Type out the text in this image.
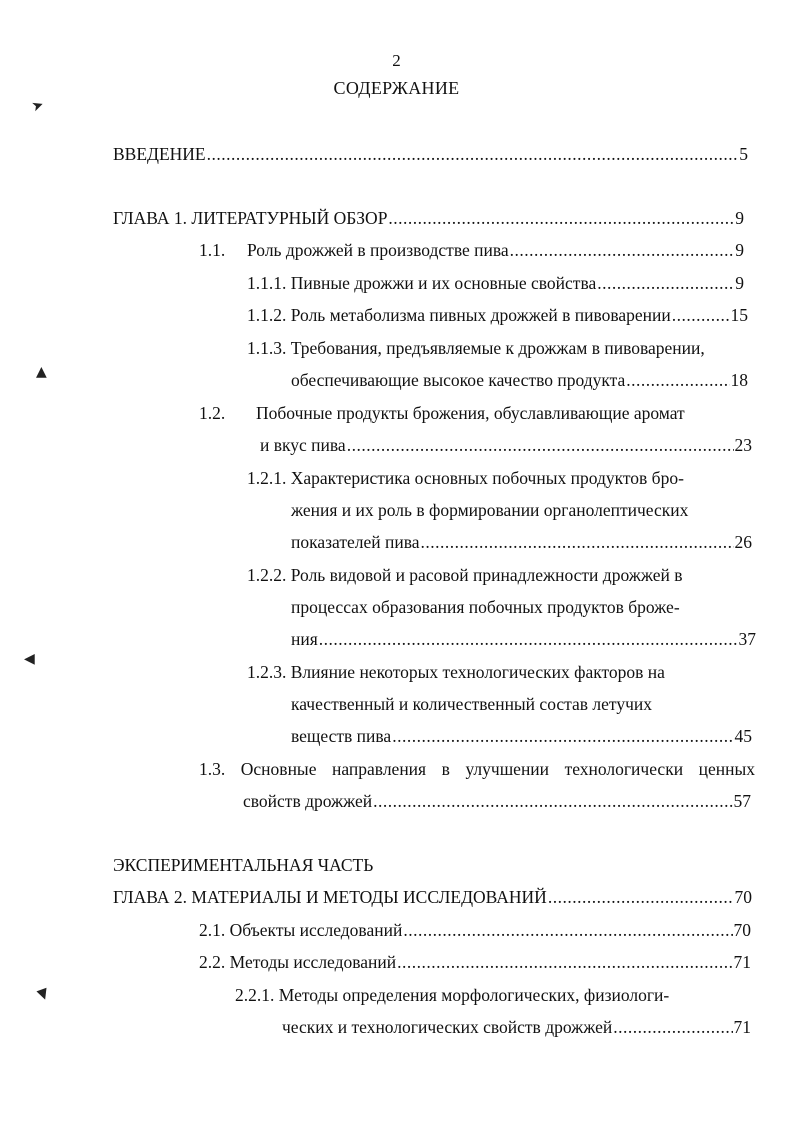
2
СОДЕРЖАНИЕ
ВВЕДЕНИЕ .....	5
ГЛАВА 1. ЛИТЕРАТУРНЫЙ ОБЗОР .....	9
1.1. Роль дрожжей в производстве пива .....	9
1.1.1. Пивные дрожжи и их основные свойства .....	9
1.1.2. Роль метаболизма пивных дрожжей в пивоварении .....	15
1.1.3. Требования, предъявляемые к дрожжам в пивоварении,
обеспечивающие высокое качество продукта .....	18
1.2. Побочные продукты брожения, обуславливающие аромат
и вкус пива .....	23
1.2.1. Характеристика основных побочных продуктов бро-
жения и их роль в формировании органолептических
показателей пива .....	26
1.2.2. Роль видовой и расовой принадлежности дрожжей в
процессах образования побочных продуктов броже-
ния .....	37
1.2.3. Влияние некоторых технологических факторов на
качественный и количественный состав летучих
веществ пива .....	45
1.3. Основные направления в улучшении технологически ценных
свойств дрожжей .....	57
ЭКСПЕРИМЕНТАЛЬНАЯ ЧАСТЬ
ГЛАВА 2. МАТЕРИАЛЫ И МЕТОДЫ ИССЛЕДОВАНИЙ .....	70
2.1. Объекты исследований .....	70
2.2. Методы исследований .....	71
2.2.1. Методы определения морфологических, физиологи-
ческих и технологических свойств дрожжей .....	71
➤
▲
◀
▲
